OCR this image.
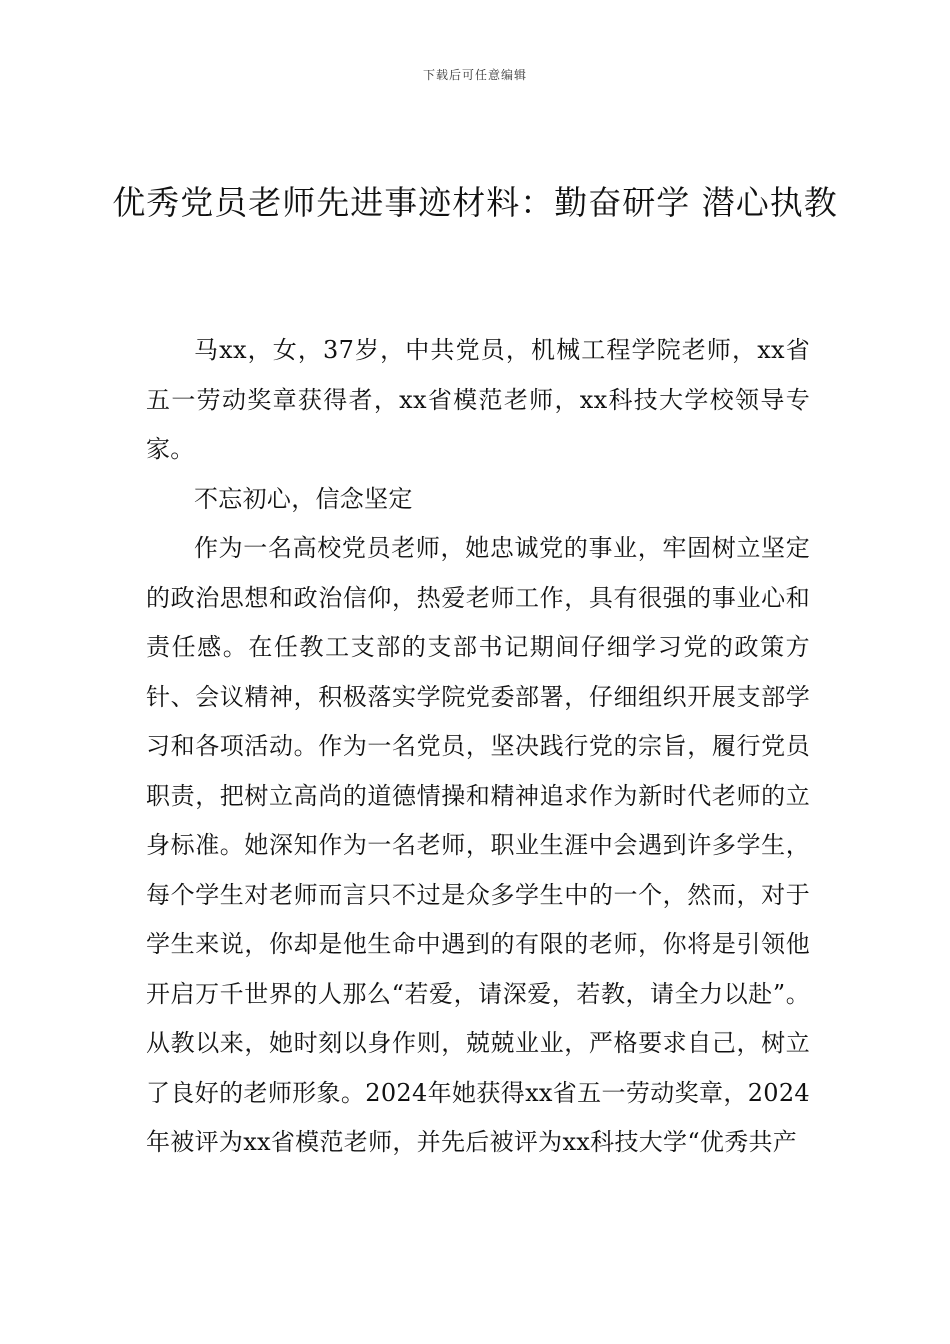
下载后可任意编辑
优秀党员老师先进事迹材料：勤奋研学 潜心执教

马xx，女，37岁，中共党员，机械工程学院老师，xx省五一劳动奖章获得者，xx省模范老师，xx科技大学校领导专家。

不忘初心，信念坚定

作为一名高校党员老师，她忠诚党的事业，牢固树立坚定的政治思想和政治信仰，热爱老师工作，具有很强的事业心和责任感。在任教工支部的支部书记期间仔细学习党的政策方针、会议精神，积极落实学院党委部署，仔细组织开展支部学习和各项活动。作为一名党员，坚决践行党的宗旨，履行党员职责，把树立高尚的道德情操和精神追求作为新时代老师的立身标准。她深知作为一名老师，职业生涯中会遇到许多学生，每个学生对老师而言只不过是众多学生中的一个，然而，对于学生来说，你却是他生命中遇到的有限的老师，你将是引领他开启万千世界的人那么“若爱，请深爱，若教，请全力以赴”。从教以来，她时刻以身作则，兢兢业业，严格要求自己，树立了良好的老师形象。2024年她获得xx省五一劳动奖章，2024年被评为xx省模范老师，并先后被评为xx科技大学“优秀共产
